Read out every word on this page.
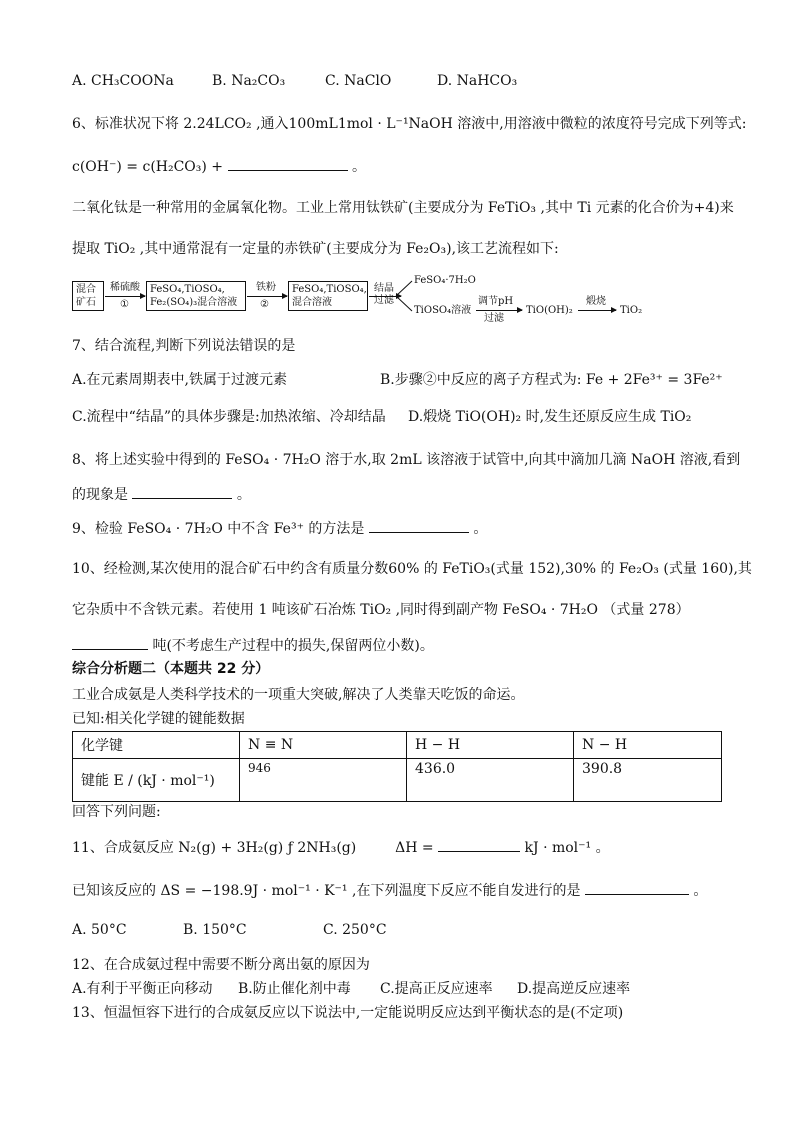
A. CH₃COONa	B. Na₂CO₃	C. NaClO	D. NaHCO₃
6、标准状况下将 2.24LCO₂ ,通入100mL1mol · L⁻¹NaOH 溶液中,用溶液中微粒的浓度符号完成下列等式:
c(OH⁻) = c(H₂CO₃) +	。
二氧化钛是一种常用的金属氧化物。工业上常用钛铁矿(主要成分为 FeTiO₃ ,其中 Ti 元素的化合价为+4)来
提取 TiO₂ ,其中通常混有一定量的赤铁矿(主要成分为 Fe₂O₃),该工艺流程如下:
混合
矿石
稀硫酸
①
FeSO₄,TiOSO₄,
Fe₂(SO₄)₃混合溶液
铁粉
②
FeSO₄,TiOSO₄,
混合溶液
结晶
过滤
FeSO₄·7H₂O
TiOSO₄溶液
调节pH
过滤
TiO(OH)₂
煅烧
TiO₂
7、结合流程,判断下列说法错误的是
A.在元素周期表中,铁属于过渡元素	B.步骤②中反应的离子方程式为: Fe + 2Fe³⁺ = 3Fe²⁺
C.流程中“结晶”的具体步骤是:加热浓缩、冷却结晶 D.煅烧 TiO(OH)₂ 时,发生还原反应生成 TiO₂
8、将上述实验中得到的 FeSO₄ · 7H₂O 溶于水,取 2mL 该溶液于试管中,向其中滴加几滴 NaOH 溶液,看到
的现象是	。
9、检验 FeSO₄ · 7H₂O 中不含 Fe³⁺ 的方法是	。
10、经检测,某次使用的混合矿石中约含有质量分数60% 的 FeTiO₃(式量 152),30% 的 Fe₂O₃ (式量 160),其
它杂质中不含铁元素。若使用 1 吨该矿石冶炼 TiO₂ ,同时得到副产物 FeSO₄ · 7H₂O （式量 278）
吨(不考虑生产过程中的损失,保留两位小数)。
综合分析题二（本题共 22 分）
工业合成氨是人类科学技术的一项重大突破,解决了人类靠天吃饭的命运。
已知:相关化学键的键能数据
化学键	N ≡ N	H − H	N − H
键能 E / (kJ · mol⁻¹)	946	436.0	390.8
回答下列问题:
11、合成氨反应 N₂(g) + 3H₂(g) ƒ 2NH₃(g)	ΔH =	kJ · mol⁻¹ 。
已知该反应的 ΔS = −198.9J · mol⁻¹ · K⁻¹ ,在下列温度下反应不能自发进行的是	。
A. 50°C	B. 150°C	C. 250°C
12、在合成氨过程中需要不断分离出氨的原因为
A.有利于平衡正向移动 B.防止催化剂中毒 C.提高正反应速率 D.提高逆反应速率
13、恒温恒容下进行的合成氨反应以下说法中,一定能说明反应达到平衡状态的是(不定项)
